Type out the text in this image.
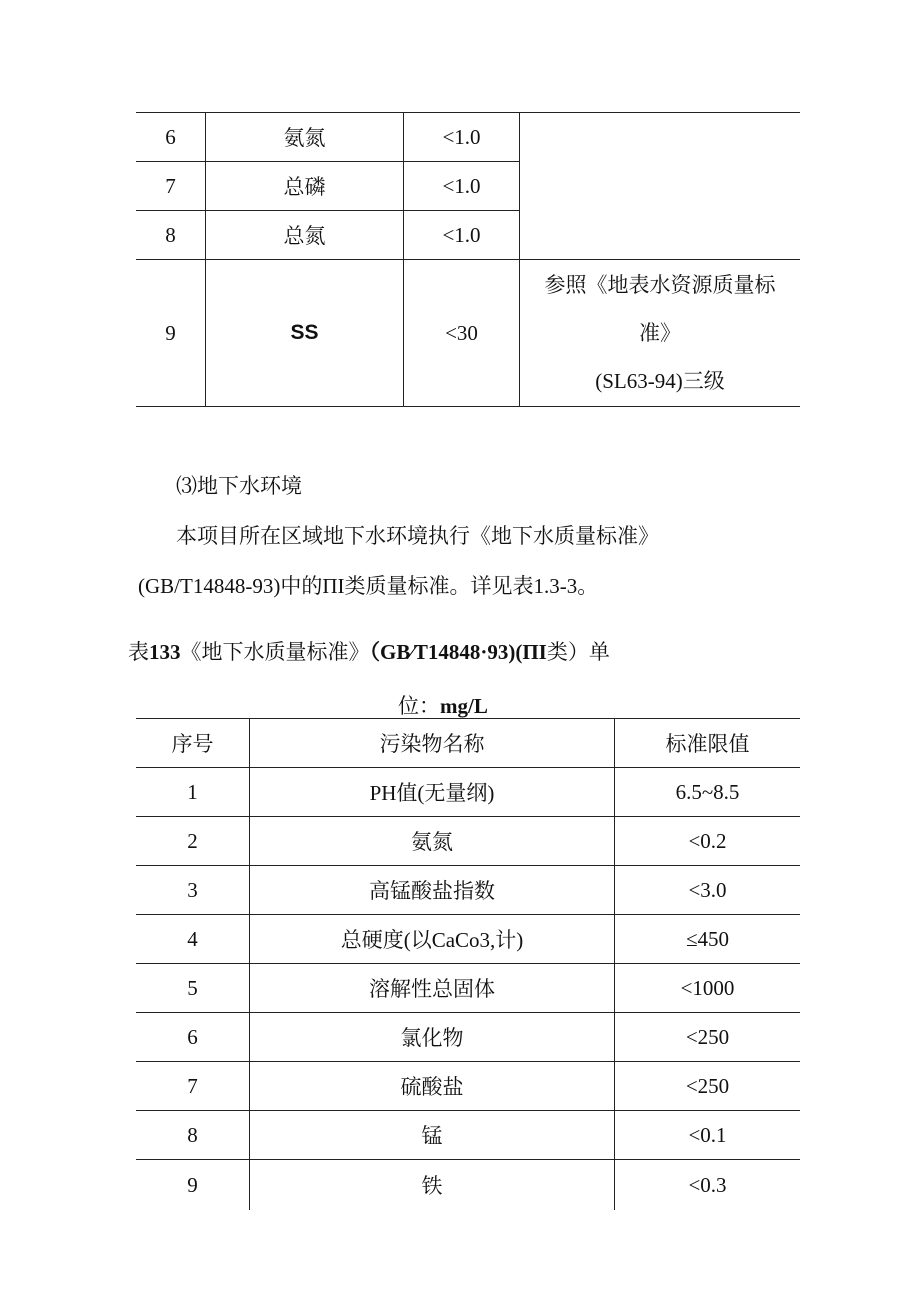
6	氨氮	<1.0	
7	总磷	<1.0	
8	总氮	<1.0	
9	SS	<30	参照《地表水资源质量标
准》
(SL63-94)三级
⑶地下水环境
本项目所在区域地下水环境执行《地下水质量标准》
(GB/T14848-93)中的ΠI类质量标准。详见表1.3-3。
表133《地下水质量标准》（GB∕T14848·93)(ΠI类）单
位：mg/L
序号	污染物名称	标准限值
1	PH值(无量纲)	6.5~8.5
2	氨氮	<0.2
3	高锰酸盐指数	<3.0
4	总硬度(以CaCo3,计)	≤450
5	溶解性总固体	<1000
6	氯化物	<250
7	硫酸盐	<250
8	锰	<0.1
9	铁	<0.3
